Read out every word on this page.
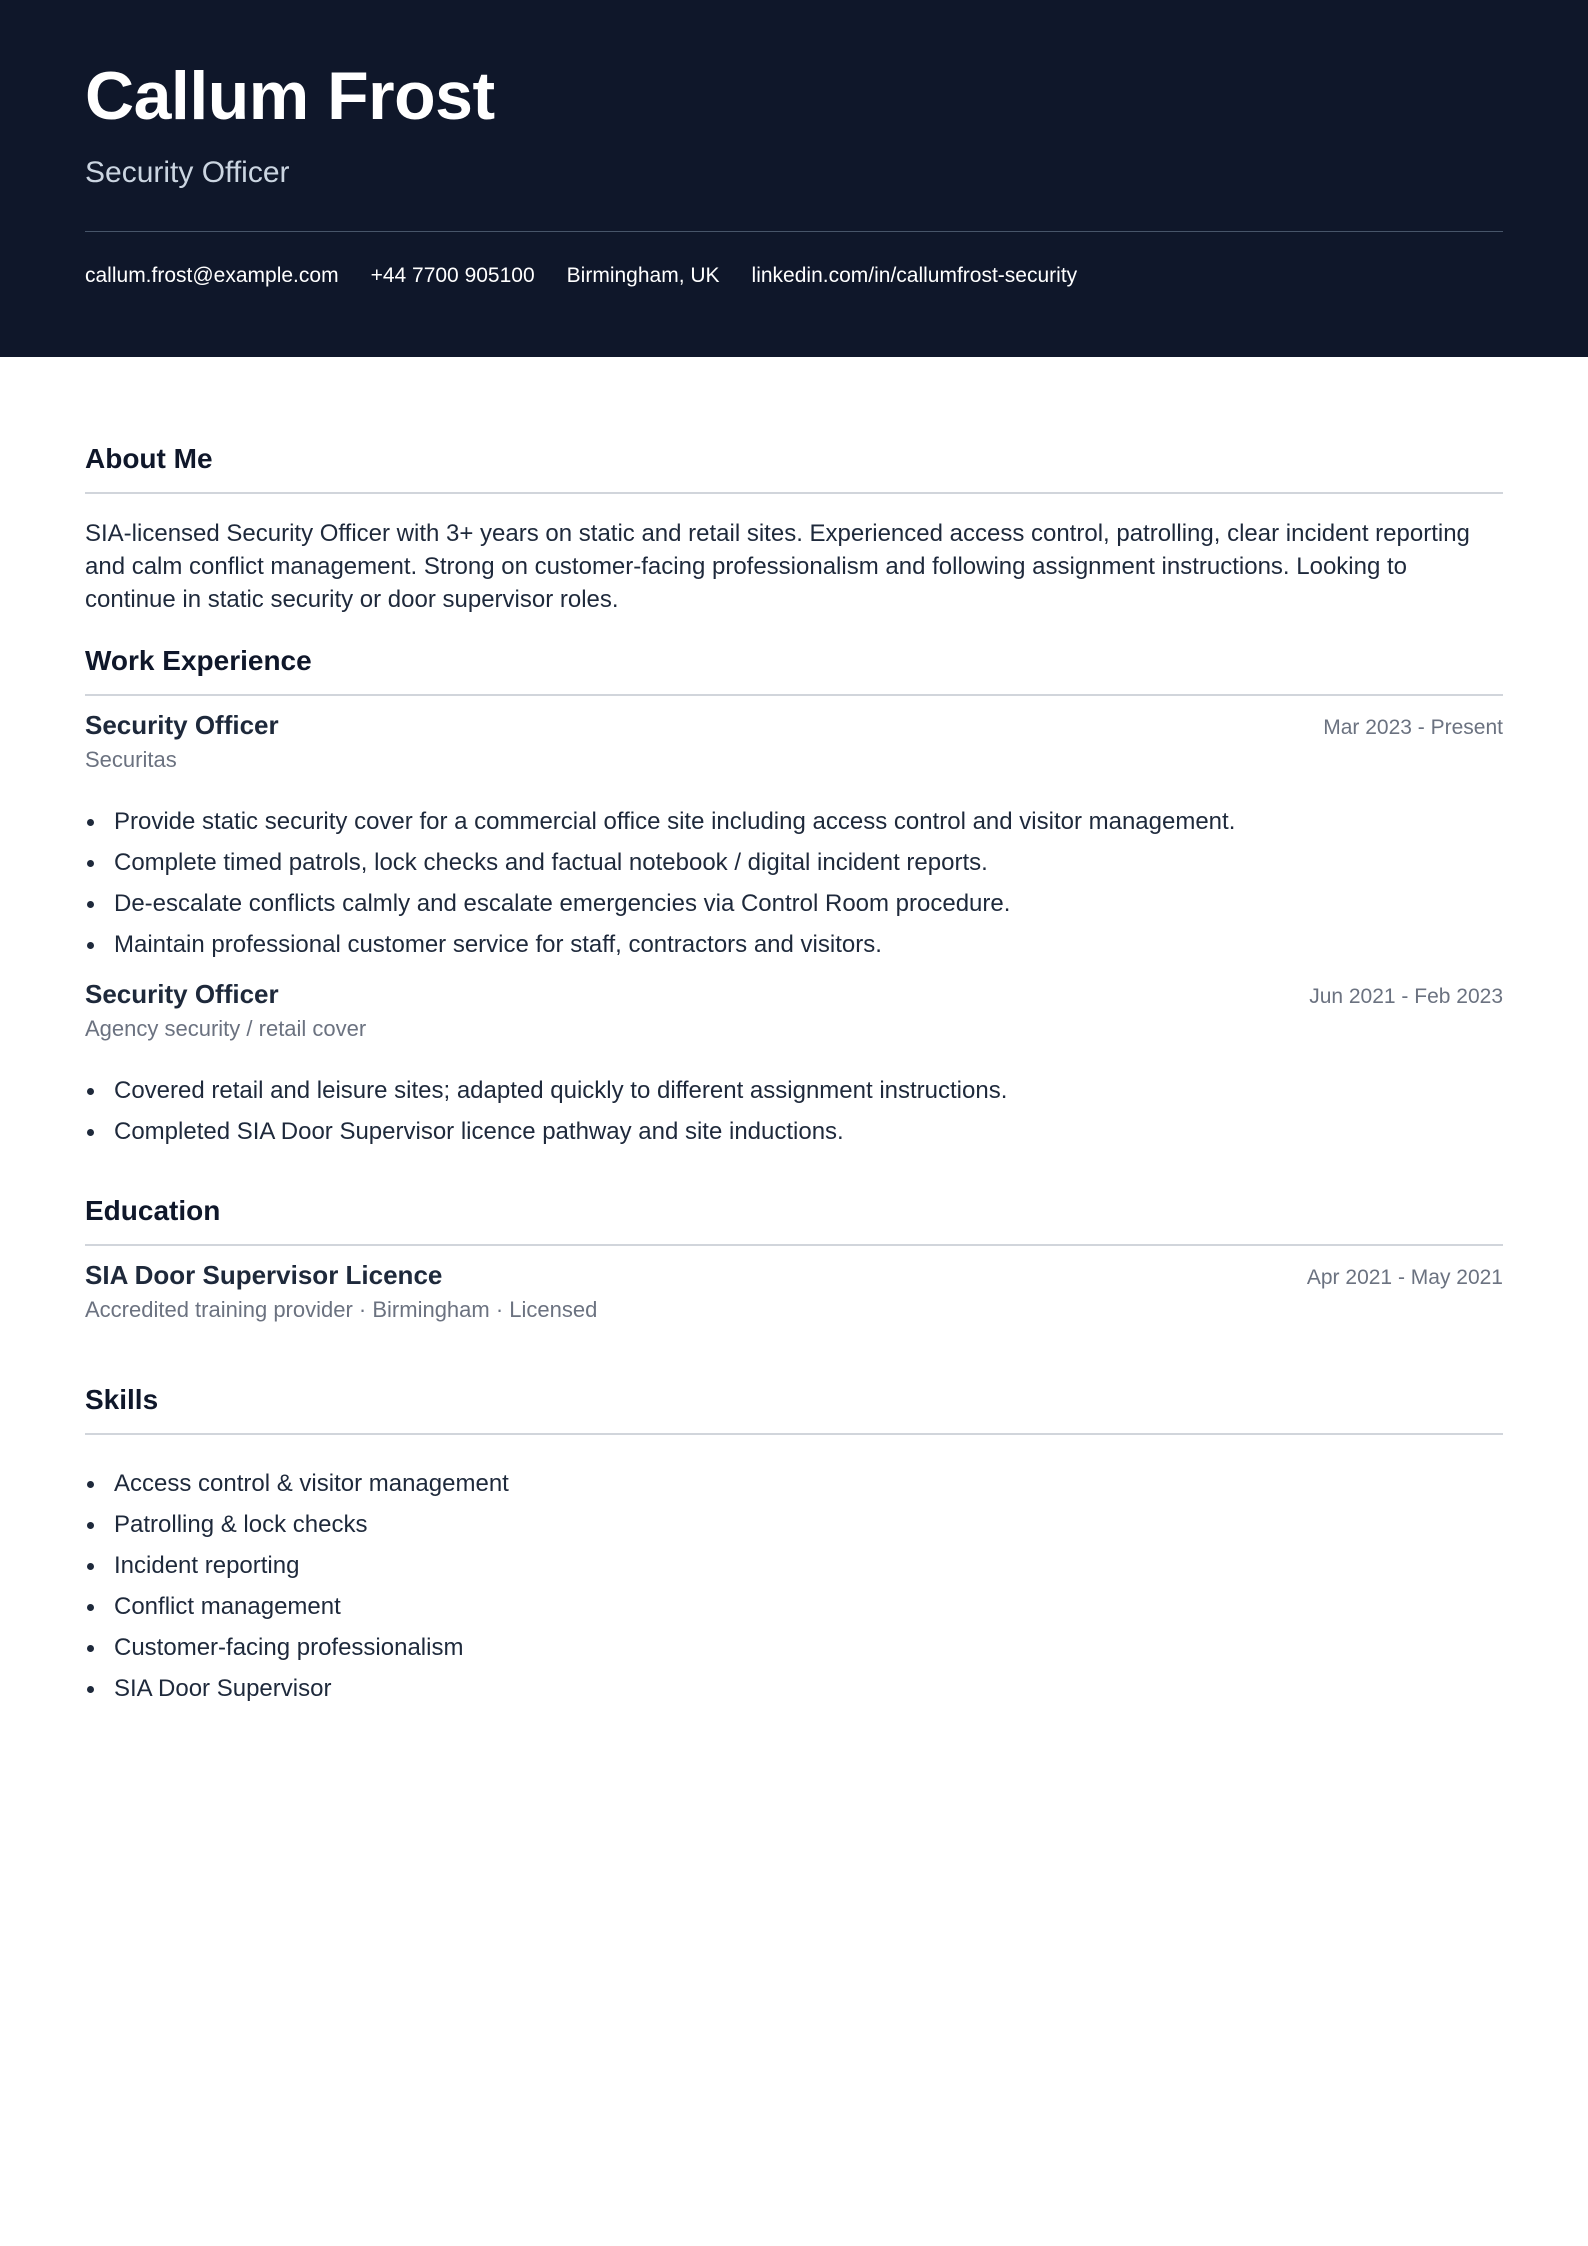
Callum Frost
Security Officer
callum.frost@example.com +44 7700 905100 Birmingham, UK linkedin.com/in/callumfrost-security
About Me

SIA-licensed Security Officer with 3+ years on static and retail sites. Experienced access control, patrolling, clear incident reporting and calm conflict management. Strong on customer-facing professionalism and following assignment instructions. Looking to continue in static security or door supervisor roles.

Work Experience
Security Officer	Mar 2023 - Present
Securitas
Provide static security cover for a commercial office site including access control and visitor management.
Complete timed patrols, lock checks and factual notebook / digital incident reports.
De-escalate conflicts calmly and escalate emergencies via Control Room procedure.
Maintain professional customer service for staff, contractors and visitors.
Security Officer	Jun 2021 - Feb 2023
Agency security / retail cover
Covered retail and leisure sites; adapted quickly to different assignment instructions.
Completed SIA Door Supervisor licence pathway and site inductions.
Education
SIA Door Supervisor Licence	Apr 2021 - May 2021
Accredited training provider · Birmingham · Licensed
Skills
Access control & visitor management
Patrolling & lock checks
Incident reporting
Conflict management
Customer-facing professionalism
SIA Door Supervisor
